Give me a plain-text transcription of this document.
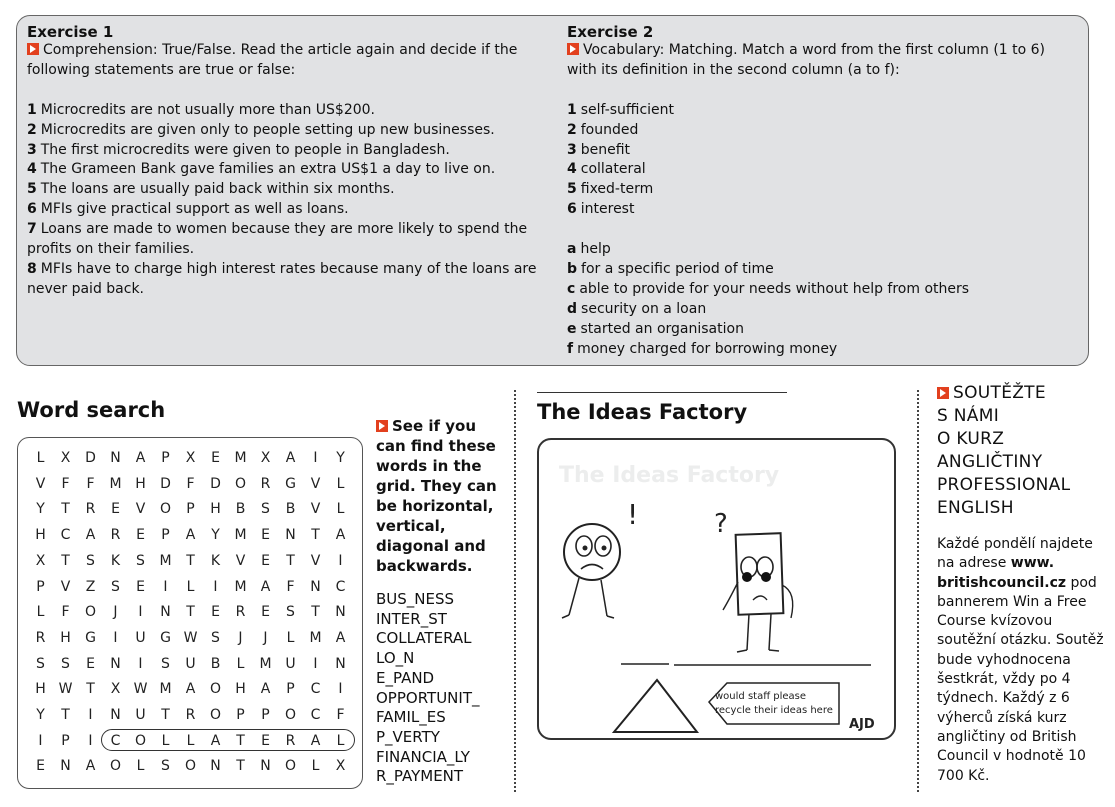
Exercise 1
Comprehension: True/False. Read the article again and decide if the following statements are true or false:
1 Microcredits are not usually more than US$200.
2 Microcredits are given only to people setting up new businesses.
3 The first microcredits were given to people in Bangladesh.
4 The Grameen Bank gave families an extra US$1 a day to live on.
5 The loans are usually paid back within six months.
6 MFIs give practical support as well as loans.
7 Loans are made to women because they are more likely to spend the profits on their families.
8 MFIs have to charge high interest rates because many of the loans are never paid back.
Exercise 2
Vocabulary: Matching. Match a word from the first column (1 to 6) with its definition in the second column (a to f):
1 self-sufficient
2 founded
3 benefit
4 collateral
5 fixed-term
6 interest
a help
b for a specific period of time
c able to provide for your needs without help from others
d security on a loan
e started an organisation
f money charged for borrowing money
Word search
L	X	D	N	A	P	X	E	M	X	A	I	Y
V	F	F	M H	D	F	D	O	R	G	V	L
Y	T	R	E	V	O	P	H	B	S	B	V	L
H	C	A	R	E	P	A	Y	M	E	N	T	A
X	T	S	K	S	M	T	K	V	E	T	V	I
P	V	Z	S	E	I	L	I	M	A	F	N	C
L	F	O	J	I	N	T	E	R	E	S	T	N
R	H	G	I	U	G W S	J	J	L	M	A
S	S	E	N	I	S	U	B	L	M U	I	N
H W T	X W M	A	O	H	A	P	C	I
Y	T	I	N	U	T	R	O	P	P	O	C	F
I	P	I	C	O	L	L	A	T	E	R	A	L
E	N	A	O	L	S	O	N	T	N	O	L	X
See if you can find these words in the grid. They can be horizontal, vertical, diagonal and backwards.
BUS_NESS
INTER_ST
COLLATERAL
LO_N
E_PAND
OPPORTUNIT_
FAMIL_ES
P_VERTY
FINANCIA_LY
R_PAYMENT
The Ideas Factory
The Ideas Factory
!	?
would staff please
recycle their ideas here
AJD
SOUTĚŽTE
S NÁMI
O KURZ
ANGLIČTINY
PROFESSIONAL
ENGLISH
Každé pondělí najdete na adrese www. britishcouncil.cz pod bannerem Win a Free Course kvízovou soutěžní otázku. Soutěž bude vyhodnocena šestkrát, vždy po 4 týdnech. Každý z 6 výherců získá kurz angličtiny od British Council v hodnotě 10 700 Kč.
